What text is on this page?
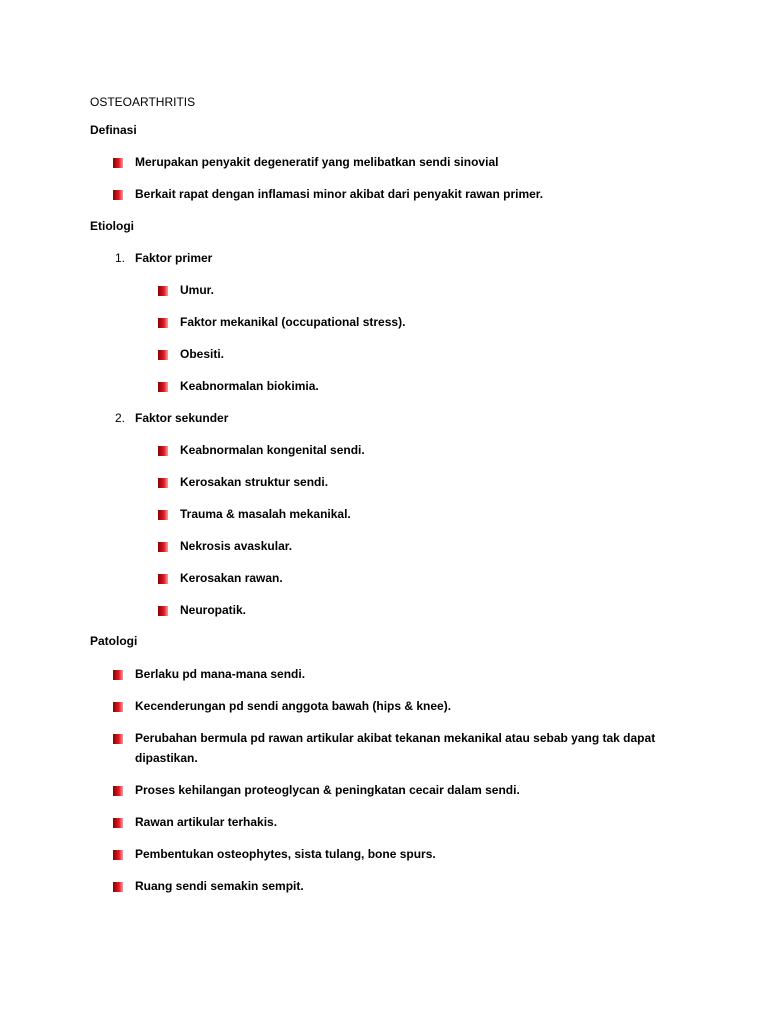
OSTEOARTHRITIS
Definasi
Merupakan penyakit degeneratif yang melibatkan sendi sinovial
Berkait rapat dengan inflamasi minor akibat dari penyakit rawan primer.
Etiologi
1. Faktor primer
Umur.
Faktor mekanikal (occupational stress).
Obesiti.
Keabnormalan biokimia.
2. Faktor sekunder
Keabnormalan kongenital sendi.
Kerosakan struktur sendi.
Trauma & masalah mekanikal.
Nekrosis avaskular.
Kerosakan rawan.
Neuropatik.
Patologi
Berlaku pd mana-mana sendi.
Kecenderungan pd sendi anggota bawah (hips & knee).
Perubahan bermula pd rawan artikular akibat tekanan mekanikal atau sebab yang tak dapat
dipastikan.
Proses kehilangan proteoglycan & peningkatan cecair dalam sendi.
Rawan artikular terhakis.
Pembentukan osteophytes, sista tulang, bone spurs.
Ruang sendi semakin sempit.
